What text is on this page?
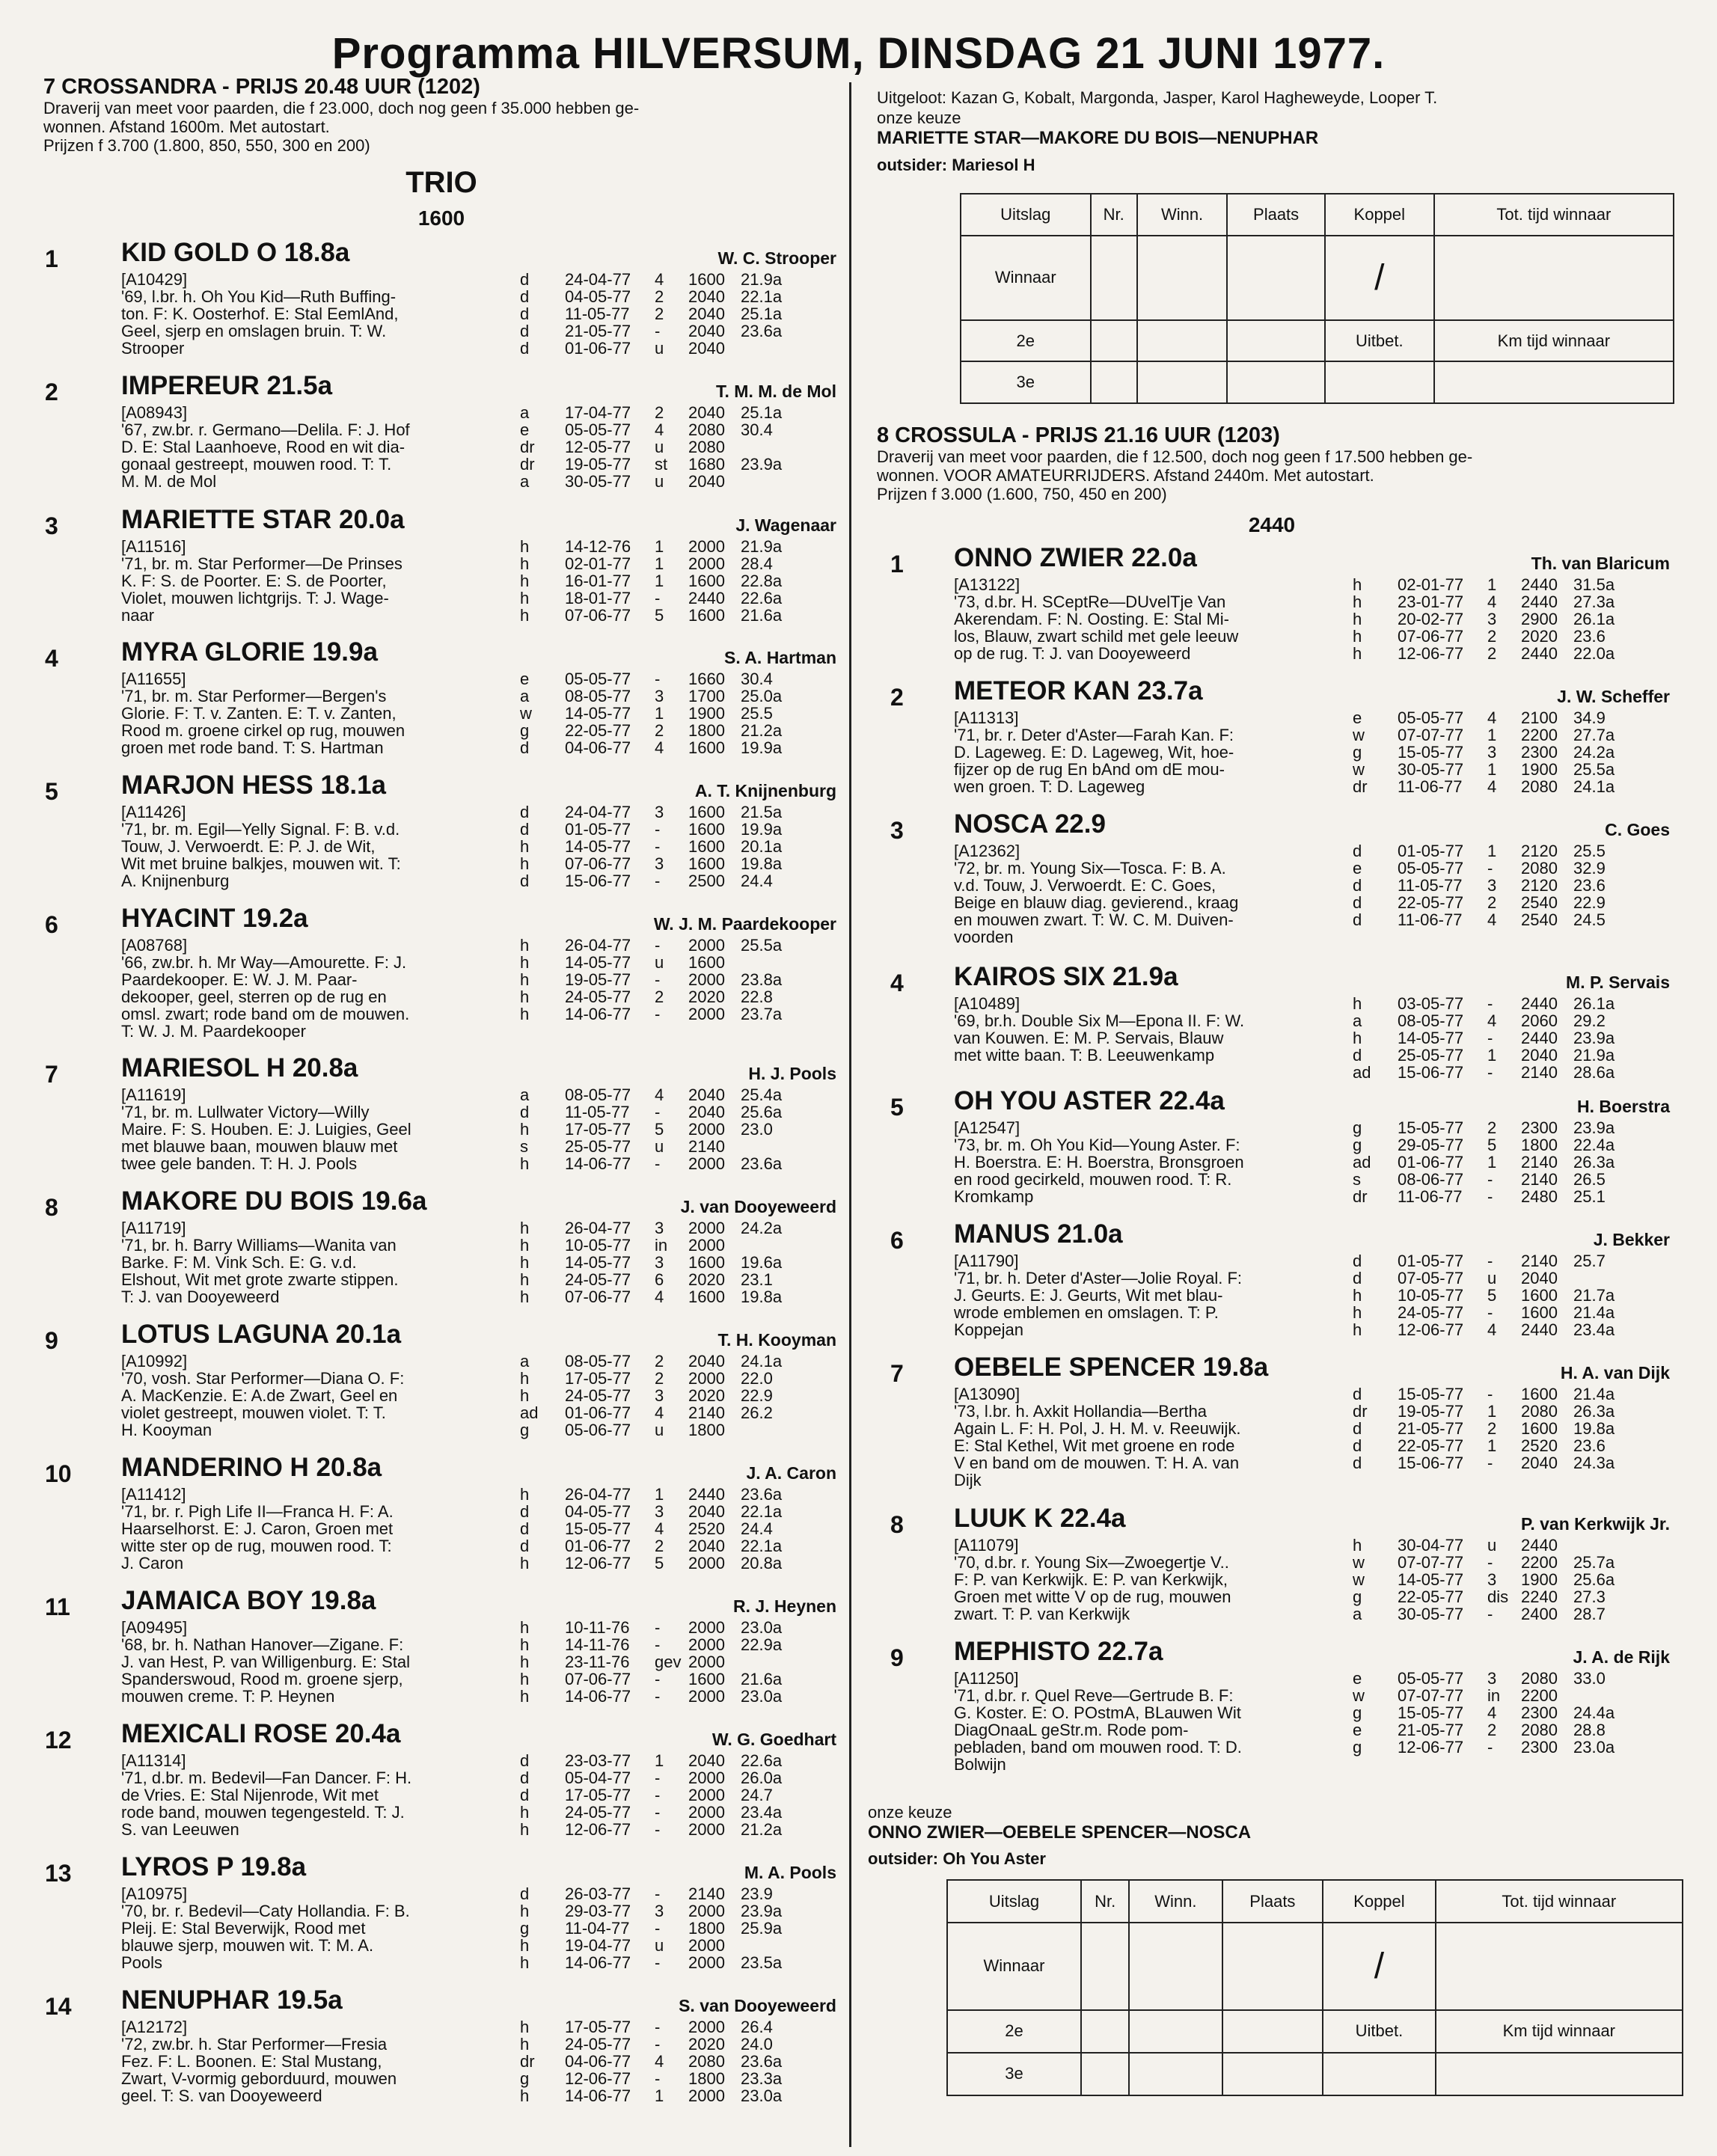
Programma HILVERSUM, DINSDAG 21 JUNI 1977.
7 CROSSANDRA - PRIJS 20.48 UUR (1202)
Draverij van meet voor paarden, die f 23.000, doch nog geen f 35.000 hebben ge-
wonnen. Afstand 1600m. Met autostart.
Prijzen f 3.700 (1.800, 850, 550, 300 en 200)
TRIO
1600
1 KID GOLD O 18.8a	W. C. Strooper
[A10429]
'69, l.br. h. Oh You Kid—Ruth Buffing-
ton. F: K. Oosterhof. E: Stal EemlAnd,
Geel, sjerp en omslagen bruin. T: W.
Strooper
d	24-04-77	4	1600 21.9a
d	04-05-77	2	2040 22.1a
d	11-05-77	2	2040 25.1a
d	21-05-77	-	2040 23.6a
d	01-06-77	u	2040
2 IMPEREUR 21.5a	T. M. M. de Mol
[A08943]
'67, zw.br. r. Germano—Delila. F: J. Hof
D. E: Stal Laanhoeve, Rood en wit dia-
gonaal gestreept, mouwen rood. T: T.
M. M. de Mol
a	17-04-77	2	2040 25.1a
e	05-05-77	4	2080 30.4
dr	12-05-77	u	2080
dr	19-05-77	st	1680 23.9a
a	30-05-77	u	2040
3 MARIETTE STAR 20.0a	J. Wagenaar
[A11516]
'71, br. m. Star Performer—De Prinses
K. F: S. de Poorter. E: S. de Poorter,
Violet, mouwen lichtgrijs. T: J. Wage-
naar
h	14-12-76	1	2000 21.9a
h	02-01-77	1	2000 28.4
h	16-01-77	1	1600 22.8a
h	18-01-77	-	2440 22.6a
h	07-06-77	5	1600 21.6a
4 MYRA GLORIE 19.9a	S. A. Hartman
[A11655]
'71, br. m. Star Performer—Bergen's
Glorie. F: T. v. Zanten. E: T. v. Zanten,
Rood m. groene cirkel op rug, mouwen
groen met rode band. T: S. Hartman
e	05-05-77	-	1660 30.4
a	08-05-77	3	1700 25.0a
w	14-05-77	1	1900 25.5
g	22-05-77	2	1800 21.2a
d	04-06-77	4	1600 19.9a
5 MARJON HESS 18.1a	A. T. Knijnenburg
[A11426]
'71, br. m. Egil—Yelly Signal. F: B. v.d.
Touw, J. Verwoerdt. E: P. J. de Wit,
Wit met bruine balkjes, mouwen wit. T:
A. Knijnenburg
d	24-04-77	3	1600 21.5a
d	01-05-77	-	1600 19.9a
h	14-05-77	-	1600 20.1a
h	07-06-77	3	1600 19.8a
d	15-06-77	-	2500 24.4
6 HYACINT 19.2a	W. J. M. Paardekooper
[A08768]
'66, zw.br. h. Mr Way—Amourette. F: J.
Paardekooper. E: W. J. M. Paar-
dekooper, geel, sterren op de rug en
omsl. zwart; rode band om de mouwen.
T: W. J. M. Paardekooper
h	26-04-77	-	2000 25.5a
h	14-05-77	u	1600
h	19-05-77	-	2000 23.8a
h	24-05-77	2	2020 22.8
h	14-06-77	-	2000 23.7a
7 MARIESOL H 20.8a	H. J. Pools
[A11619]
'71, br. m. Lullwater Victory—Willy
Maire. F: S. Houben. E: J. Luigies, Geel
met blauwe baan, mouwen blauw met
twee gele banden. T: H. J. Pools
a	08-05-77	4	2040 25.4a
d	11-05-77	-	2040 25.6a
h	17-05-77	5	2000 23.0
s	25-05-77	u	2140
h	14-06-77	-	2000 23.6a
8 MAKORE DU BOIS 19.6a	J. van Dooyeweerd
[A11719]
'71, br. h. Barry Williams—Wanita van
Barke. F: M. Vink Sch. E: G. v.d.
Elshout, Wit met grote zwarte stippen.
T: J. van Dooyeweerd
h	26-04-77	3	2000 24.2a
h	10-05-77	in	2000
h	14-05-77	3	1600 19.6a
h	24-05-77	6	2020 23.1
h	07-06-77	4	1600 19.8a
9 LOTUS LAGUNA 20.1a	T. H. Kooyman
[A10992]
'70, vosh. Star Performer—Diana O. F:
A. MacKenzie. E: A.de Zwart, Geel en
violet gestreept, mouwen violet. T: T.
H. Kooyman
a	08-05-77	2	2040 24.1a
h	17-05-77	2	2000 22.0
h	24-05-77	3	2020 22.9
ad	01-06-77	4	2140 26.2
g	05-06-77	u	1800
10 MANDERINO H 20.8a	J. A. Caron
[A11412]
'71, br. r. Pigh Life II—Franca H. F: A.
Haarselhorst. E: J. Caron, Groen met
witte ster op de rug, mouwen rood. T:
J. Caron
h	26-04-77	1	2440 23.6a
d	04-05-77	3	2040 22.1a
d	15-05-77	4	2520 24.4
d	01-06-77	2	2040 22.1a
h	12-06-77	5	2000 20.8a
11 JAMAICA BOY 19.8a	R. J. Heynen
[A09495]
'68, br. h. Nathan Hanover—Zigane. F:
J. van Hest, P. van Willigenburg. E: Stal
Spanderswoud, Rood m. groene sjerp,
mouwen creme. T: P. Heynen
h	10-11-76	-	2000 23.0a
h	14-11-76	-	2000 22.9a
h	23-11-76	gev 2000
h	07-06-77	-	1600 21.6a
h	14-06-77	-	2000 23.0a
12 MEXICALI ROSE 20.4a	W. G. Goedhart
[A11314]
'71, d.br. m. Bedevil—Fan Dancer. F: H.
de Vries. E: Stal Nijenrode, Wit met
rode band, mouwen tegengesteld. T: J.
S. van Leeuwen
d	23-03-77	1	2040 22.6a
d	05-04-77	-	2000 26.0a
d	17-05-77	-	2000 24.7
h	24-05-77	-	2000 23.4a
h	12-06-77	-	2000 21.2a
13 LYROS P 19.8a	M. A. Pools
[A10975]
'70, br. r. Bedevil—Caty Hollandia. F: B.
Pleij. E: Stal Beverwijk, Rood met
blauwe sjerp, mouwen wit. T: M. A.
Pools
d	26-03-77	-	2140 23.9
h	29-03-77	3	2000 23.9a
g	11-04-77	-	1800 25.9a
h	19-04-77	u	2000
h	14-06-77	-	2000 23.5a
14 NENUPHAR 19.5a	S. van Dooyeweerd
[A12172]
'72, zw.br. h. Star Performer—Fresia
Fez. F: L. Boonen. E: Stal Mustang,
Zwart, V-vormig geborduurd, mouwen
geel. T: S. van Dooyeweerd
h	17-05-77	-	2000 26.4
h	24-05-77	-	2020 24.0
dr	04-06-77	4	2080 23.6a
g	12-06-77	-	1800 23.3a
h	14-06-77	1	2000 23.0a
Uitgeloot: Kazan G, Kobalt, Margonda, Jasper, Karol Hagheweyde, Looper T.
onze keuze
MARIETTE STAR—MAKORE DU BOIS—NENUPHAR
outsider: Mariesol H
Uitslag	Nr.	Winn.	Plaats	Koppel	Tot. tijd winnaar
Winnaar				/	
2e				Uitbet.	Km tijd winnaar
3e					
8 CROSSULA - PRIJS 21.16 UUR (1203)
Draverij van meet voor paarden, die f 12.500, doch nog geen f 17.500 hebben ge-
wonnen. VOOR AMATEURRIJDERS. Afstand 2440m. Met autostart.
Prijzen f 3.000 (1.600, 750, 450 en 200)
2440
1 ONNO ZWIER 22.0a	Th. van Blaricum
[A13122]
'73, d.br. H. SCeptRe—DUvelTje Van
Akerendam. F: N. Oosting. E: Stal Mi-
los, Blauw, zwart schild met gele leeuw
op de rug. T: J. van Dooyeweerd
h	02-01-77	1	2440 31.5a
h	23-01-77	4	2440 27.3a
h	20-02-77	3	2900 26.1a
h	07-06-77	2	2020 23.6
h	12-06-77	2	2440 22.0a
2 METEOR KAN 23.7a	J. W. Scheffer
[A11313]
'71, br. r. Deter d'Aster—Farah Kan. F:
D. Lageweg. E: D. Lageweg, Wit, hoe-
fijzer op de rug En bAnd om dE mou-
wen groen. T: D. Lageweg
e	05-05-77	4	2100 34.9
w	07-07-77	1	2200 27.7a
g	15-05-77	3	2300 24.2a
w	30-05-77	1	1900 25.5a
dr	11-06-77	4	2080 24.1a
3 NOSCA 22.9	C. Goes
[A12362]
'72, br. m. Young Six—Tosca. F: B. A.
v.d. Touw, J. Verwoerdt. E: C. Goes,
Beige en blauw diag. gevierend., kraag
en mouwen zwart. T: W. C. M. Duiven-
voorden
d	01-05-77	1	2120 25.5
e	05-05-77	-	2080 32.9
d	11-05-77	3	2120 23.6
d	22-05-77	2	2540 22.9
d	11-06-77	4	2540 24.5
4 KAIROS SIX 21.9a	M. P. Servais
[A10489]
'69, br.h. Double Six M—Epona II. F: W.
van Kouwen. E: M. P. Servais, Blauw
met witte baan. T: B. Leeuwenkamp
h	03-05-77	-	2440 26.1a
a	08-05-77	4	2060 29.2
h	14-05-77	-	2440 23.9a
d	25-05-77	1	2040 21.9a
ad	15-06-77	-	2140 28.6a
5 OH YOU ASTER 22.4a	H. Boerstra
[A12547]
'73, br. m. Oh You Kid—Young Aster. F:
H. Boerstra. E: H. Boerstra, Bronsgroen
en rood gecirkeld, mouwen rood. T: R.
Kromkamp
g	15-05-77	2	2300 23.9a
g	29-05-77	5	1800 22.4a
ad	01-06-77	1	2140 26.3a
s	08-06-77	-	2140 26.5
dr	11-06-77	-	2480 25.1
6 MANUS 21.0a	J. Bekker
[A11790]
'71, br. h. Deter d'Aster—Jolie Royal. F:
J. Geurts. E: J. Geurts, Wit met blau-
wrode emblemen en omslagen. T: P.
Koppejan
d	01-05-77	-	2140 25.7
d	07-05-77	u	2040
h	10-05-77	5	1600 21.7a
h	24-05-77	-	1600 21.4a
h	12-06-77	4	2440 23.4a
7 OEBELE SPENCER 19.8a	H. A. van Dijk
[A13090]
'73, l.br. h. Axkit Hollandia—Bertha
Again L. F: H. Pol, J. H. M. v. Reeuwijk.
E: Stal Kethel, Wit met groene en rode
V en band om de mouwen. T: H. A. van
Dijk
d	15-05-77	-	1600 21.4a
dr	19-05-77	1	2080 26.3a
d	21-05-77	2	1600 19.8a
d	22-05-77	1	2520 23.6
d	15-06-77	-	2040 24.3a
8 LUUK K 22.4a	P. van Kerkwijk Jr.
[A11079]
'70, d.br. r. Young Six—Zwoegertje V..
F: P. van Kerkwijk. E: P. van Kerkwijk,
Groen met witte V op de rug, mouwen
zwart. T: P. van Kerkwijk
h	30-04-77	u	2440
w	07-07-77	-	2200 25.7a
w	14-05-77	3	1900 25.6a
g	22-05-77	dis 2240 27.3
a	30-05-77	-	2400 28.7
9 MEPHISTO 22.7a	J. A. de Rijk
[A11250]
'71, d.br. r. Quel Reve—Gertrude B. F:
G. Koster. E: O. POstmA, BLauwen Wit
DiagOnaaL geStr.m. Rode pom-
pebladen, band om mouwen rood. T: D.
Bolwijn
e	05-05-77	3	2080 33.0
w	07-07-77	in	2200
g	15-05-77	4	2300 24.4a
e	21-05-77	2	2080 28.8
g	12-06-77	-	2300 23.0a
onze keuze
ONNO ZWIER—OEBELE SPENCER—NOSCA
outsider: Oh You Aster
Uitslag	Nr.	Winn.	Plaats	Koppel	Tot. tijd winnaar
Winnaar				/	
2e				Uitbet.	Km tijd winnaar
3e					
